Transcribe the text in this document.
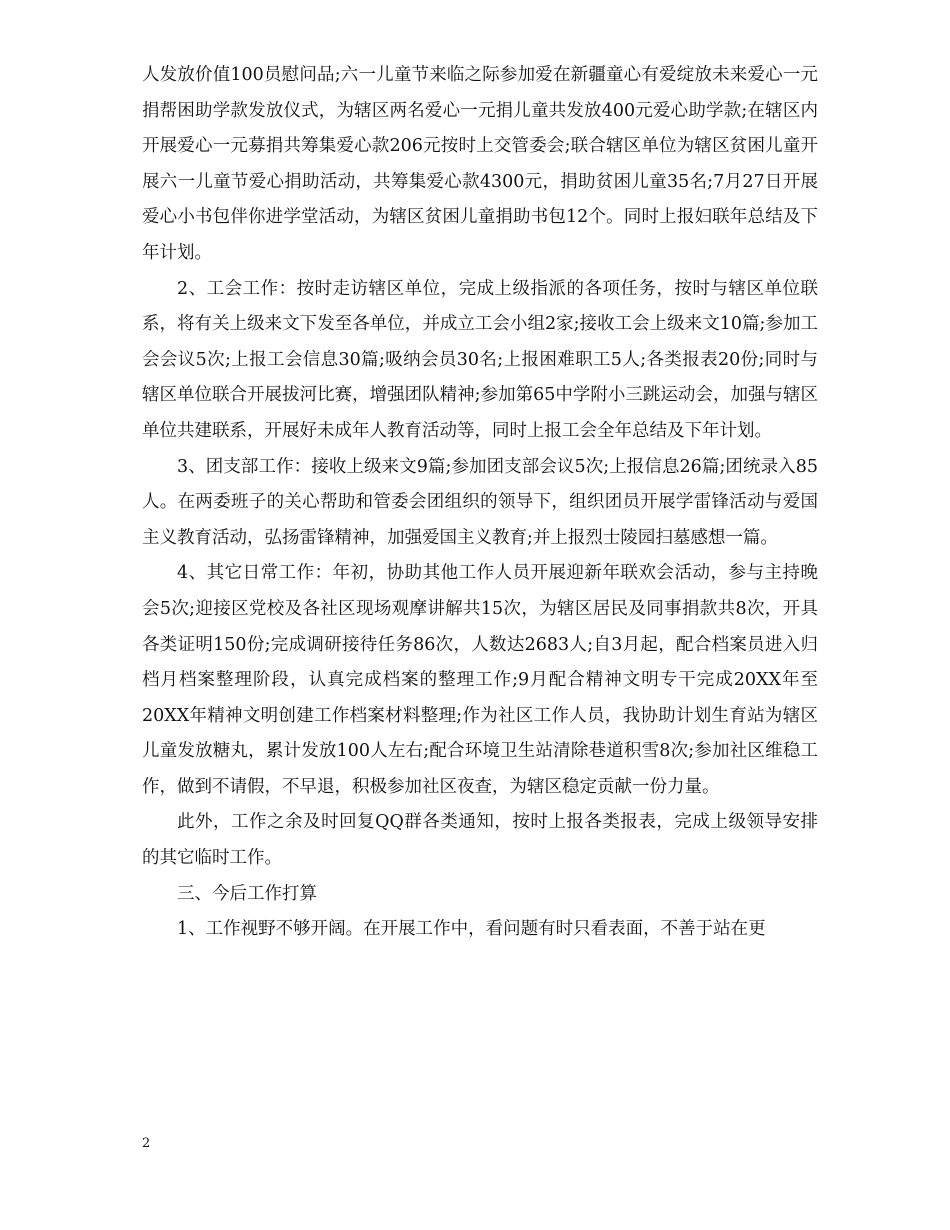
人发放价值100员慰问品;六一儿童节来临之际参加爱在新疆童心有爱绽放未来爱心一元捐帮困助学款发放仪式，为辖区两名爱心一元捐儿童共发放400元爱心助学款;在辖区内开展爱心一元募捐共筹集爱心款206元按时上交管委会;联合辖区单位为辖区贫困儿童开展六一儿童节爱心捐助活动，共筹集爱心款4300元，捐助贫困儿童35名;7月27日开展爱心小书包伴你进学堂活动，为辖区贫困儿童捐助书包12个。同时上报妇联年总结及下年计划。

2、工会工作：按时走访辖区单位，完成上级指派的各项任务，按时与辖区单位联系，将有关上级来文下发至各单位，并成立工会小组2家;接收工会上级来文10篇;参加工会会议5次;上报工会信息30篇;吸纳会员30名;上报困难职工5人;各类报表20份;同时与辖区单位联合开展拔河比赛，增强团队精神;参加第65中学附小三跳运动会，加强与辖区单位共建联系，开展好未成年人教育活动等，同时上报工会全年总结及下年计划。

3、团支部工作：接收上级来文9篇;参加团支部会议5次;上报信息26篇;团统录入85人。在两委班子的关心帮助和管委会团组织的领导下，组织团员开展学雷锋活动与爱国主义教育活动，弘扬雷锋精神，加强爱国主义教育;并上报烈士陵园扫墓感想一篇。

4、其它日常工作：年初，协助其他工作人员开展迎新年联欢会活动，参与主持晚会5次;迎接区党校及各社区现场观摩讲解共15次，为辖区居民及同事捐款共8次，开具各类证明150份;完成调研接待任务86次，人数达2683人;自3月起，配合档案员进入归档月档案整理阶段，认真完成档案的整理工作;9月配合精神文明专干完成20XX年至20XX年精神文明创建工作档案材料整理;作为社区工作人员，我协助计划生育站为辖区儿童发放糖丸，累计发放100人左右;配合环境卫生站清除巷道积雪8次;参加社区维稳工作，做到不请假，不早退，积极参加社区夜查，为辖区稳定贡献一份力量。

此外，工作之余及时回复QQ群各类通知，按时上报各类报表，完成上级领导安排的其它临时工作。

三、今后工作打算

1、工作视野不够开阔。在开展工作中，看问题有时只看表面，不善于站在更

2
